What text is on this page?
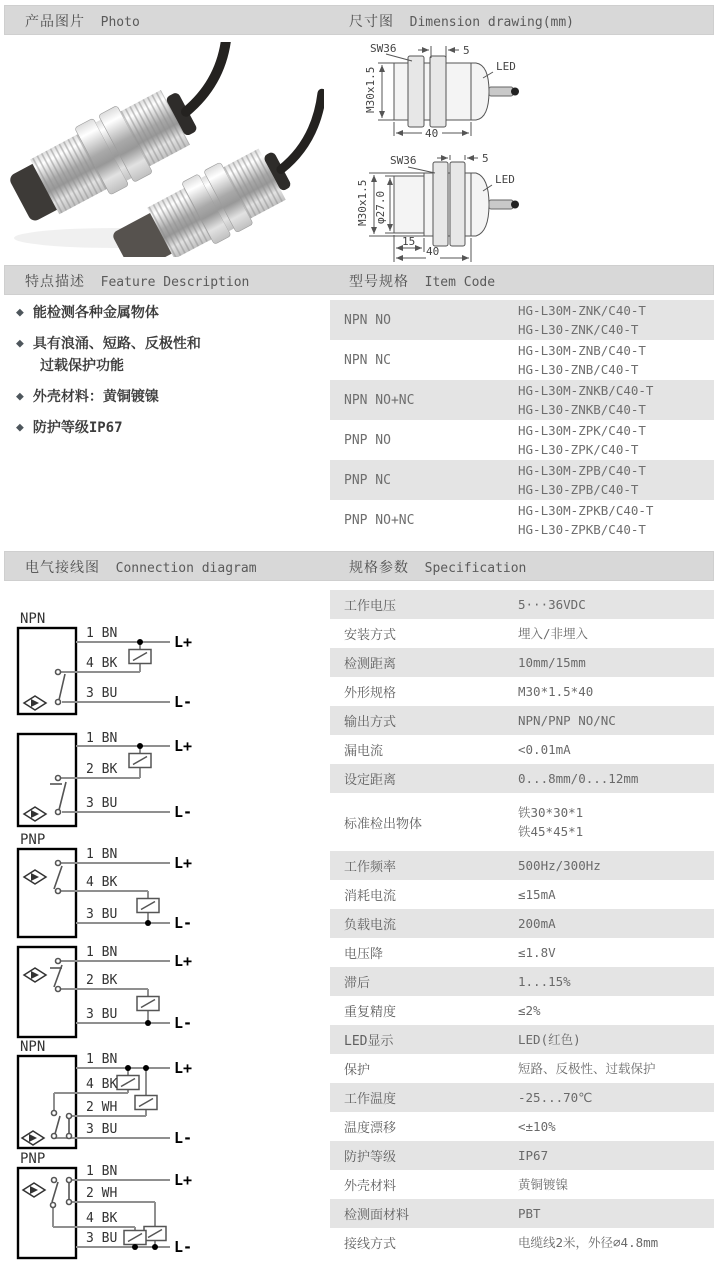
产品图片 Photo	尺寸图 Dimension drawing(mm)
SW36	5
M30x1.5
LED
40
SW36	5
M30x1.5 φ27.0
LED
15
40
特点描述 Feature Description	型号规格 Item Code
◆ 能检测各种金属物体
◆ 具有浪涌、短路、反极性和
过载保护功能
◆ 外壳材料：黄铜镀镍
◆ 防护等级IP67
NPN NO
HG-L30M-ZNK/C40-T
HG-L30-ZNK/C40-T
NPN NC
HG-L30M-ZNB/C40-T
HG-L30-ZNB/C40-T
NPN NO+NC
HG-L30M-ZNKB/C40-T
HG-L30-ZNKB/C40-T
PNP NO
HG-L30M-ZPK/C40-T
HG-L30-ZPK/C40-T
PNP NC
HG-L30M-ZPB/C40-T
HG-L30-ZPB/C40-T
PNP NO+NC
HG-L30M-ZPKB/C40-T
HG-L30-ZPKB/C40-T
电气接线图 Connection diagram	规格参数 Specification
NPN
1 BN
4 BK
3 BU
L+
L-
1 BN
2 BK
3 BU
L+
L-
PNP
1 BN
4 BK
3 BU
L+
L-
1 BN
2 BK
3 BU
L+
L-
NPN
1 BN
4 BK
2 WH
3 BU
L+
L-
PNP
1 BN
2 WH
4 BK
3 BU
L+
L-
工作电压	5···36VDC
安装方式	埋入/非埋入
检测距离	10mm/15mm
外形规格	M30*1.5*40
输出方式	NPN/PNP NO/NC
漏电流	<0.01mA
设定距离	0...8mm/0...12mm
标准检出物体
铁30*30*1
铁45*45*1
工作频率	500Hz/300Hz
消耗电流	≤15mA
负载电流	200mA
电压降	≤1.8V
滞后	1...15%
重复精度	≤2%
LED显示	LED(红色)
保护	短路、反极性、过载保护
工作温度	-25...70℃
温度漂移	<±10%
防护等级	IP67
外壳材料	黄铜镀镍
检测面材料	PBT
接线方式	电缆线2米，外径∅4.8mm
